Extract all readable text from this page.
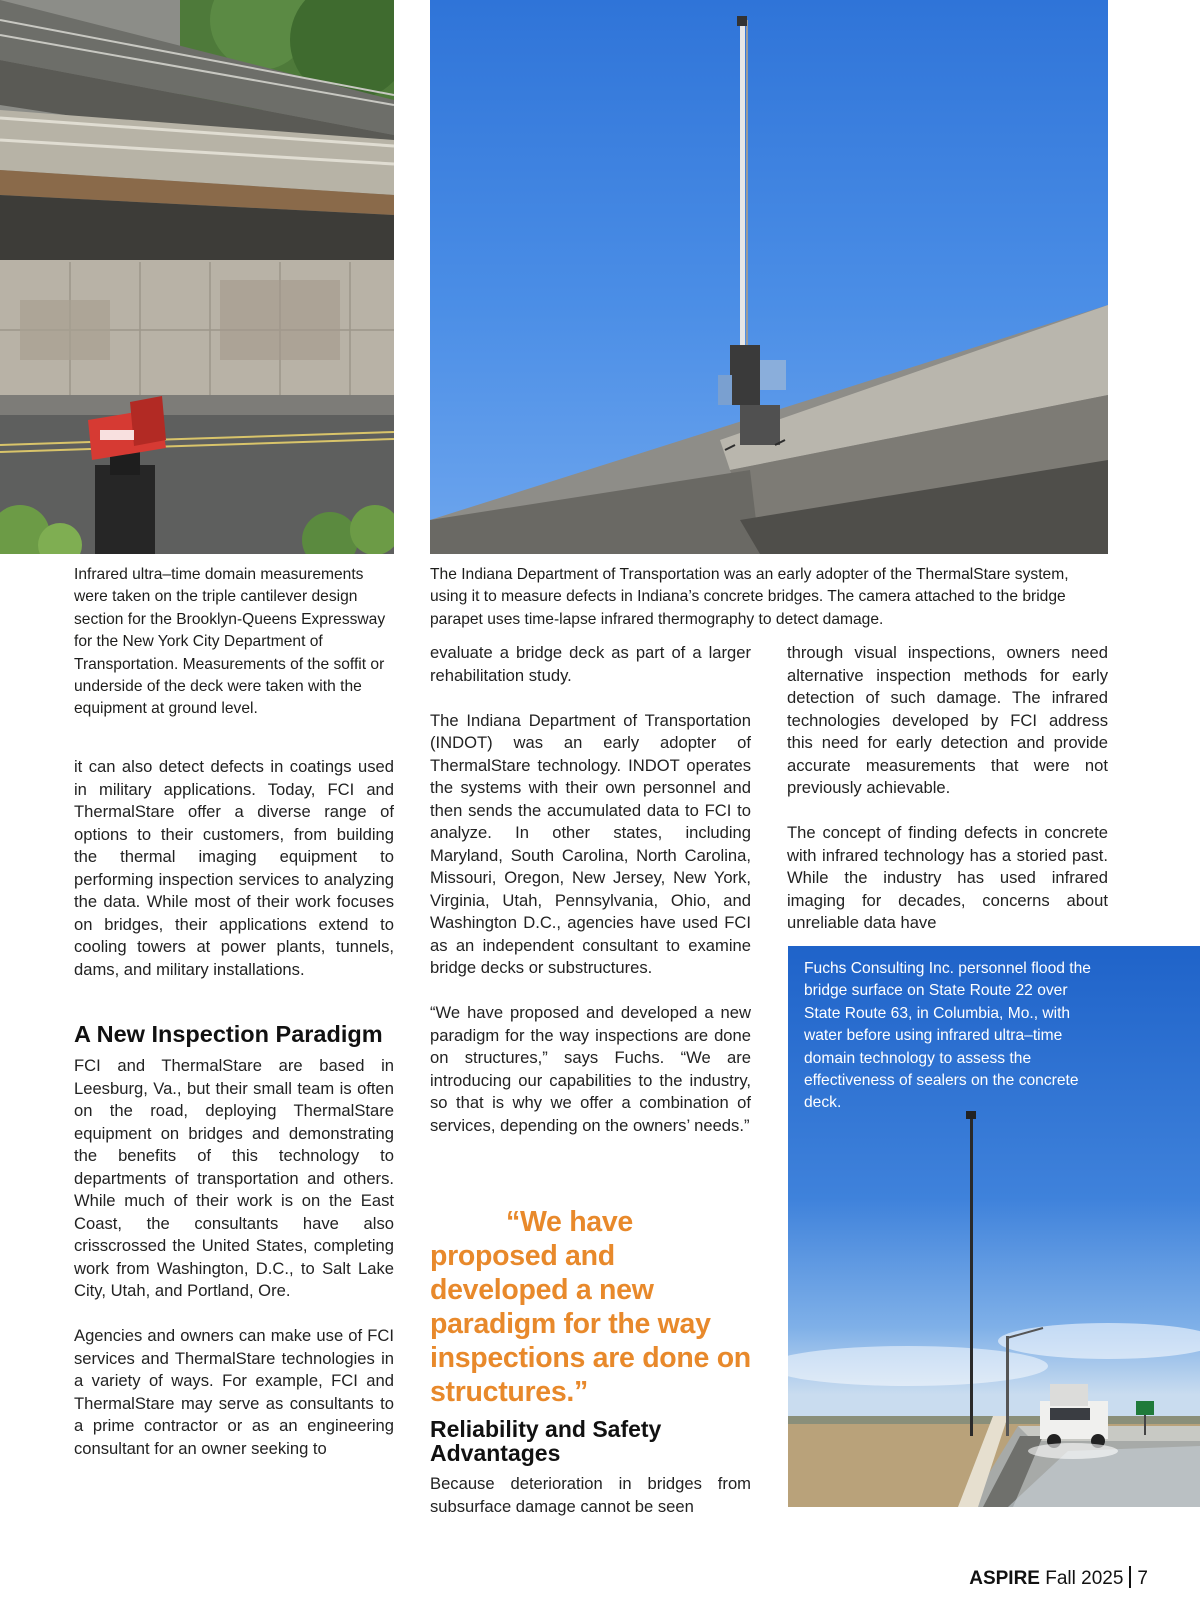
Infrared ultra–time domain measurements were taken on the triple cantilever design section for the Brooklyn-Queens Expressway for the New York City Department of Transportation. Measurements of the soffit or underside of the deck were taken with the equipment at ground level.

The Indiana Department of Transportation was an early adopter of the ThermalStare system, using it to measure defects in Indiana’s concrete bridges. The camera attached to the bridge parapet uses time-lapse infrared thermography to detect damage.

Fuchs Consulting Inc. personnel flood the bridge surface on State Route 22 over State Route 63, in Columbia, Mo., with water before using infrared ultra–time domain technology to assess the effectiveness of sealers on the concrete deck.

it can also detect defects in coatings used in military applications. Today, FCI and ThermalStare offer a diverse range of options to their customers, from building the thermal imaging equipment to performing inspection services to analyzing the data. While most of their work focuses on bridges, their applications extend to cooling towers at power plants, tunnels, dams, and military installations.

A New Inspection Paradigm

FCI and ThermalStare are based in Leesburg, Va., but their small team is often on the road, deploying ThermalStare equipment on bridges and demonstrating the benefits of this technology to departments of transportation and others. While much of their work is on the East Coast, the consultants have also crisscrossed the United States, completing work from Washington, D.C., to Salt Lake City, Utah, and Portland, Ore.

Agencies and owners can make use of FCI services and ThermalStare technologies in a variety of ways. For example, FCI and ThermalStare may serve as consultants to a prime contractor or as an engineering consultant for an owner seeking to

evaluate a bridge deck as part of a larger rehabilitation study.

The Indiana Department of Transportation (INDOT) was an early adopter of ThermalStare technology. INDOT operates the systems with their own personnel and then sends the accumulated data to FCI to analyze. In other states, including Maryland, South Carolina, North Carolina, Missouri, Oregon, New Jersey, New York, Virginia, Utah, Pennsylvania, Ohio, and Washington D.C., agencies have used FCI as an independent consultant to examine bridge decks or substructures.

“We have proposed and developed a new paradigm for the way inspections are done on structures,” says Fuchs. “We are introducing our capabilities to the industry, so that is why we offer a combination of services, depending on the owners’ needs.”

“We have
proposed and developed a new paradigm for the way inspections are done on structures.”

Reliability and Safety Advantages

Because deterioration in bridges from subsurface damage cannot be seen

through visual inspections, owners need alternative inspection methods for early detection of such damage. The infrared technologies developed by FCI address this need for early detection and provide accurate measurements that were not previously achievable.

The concept of finding defects in concrete with infrared technology has a storied past. While the industry has used infrared imaging for decades, concerns about unreliable data have

ASPIRE Fall 2025 7
